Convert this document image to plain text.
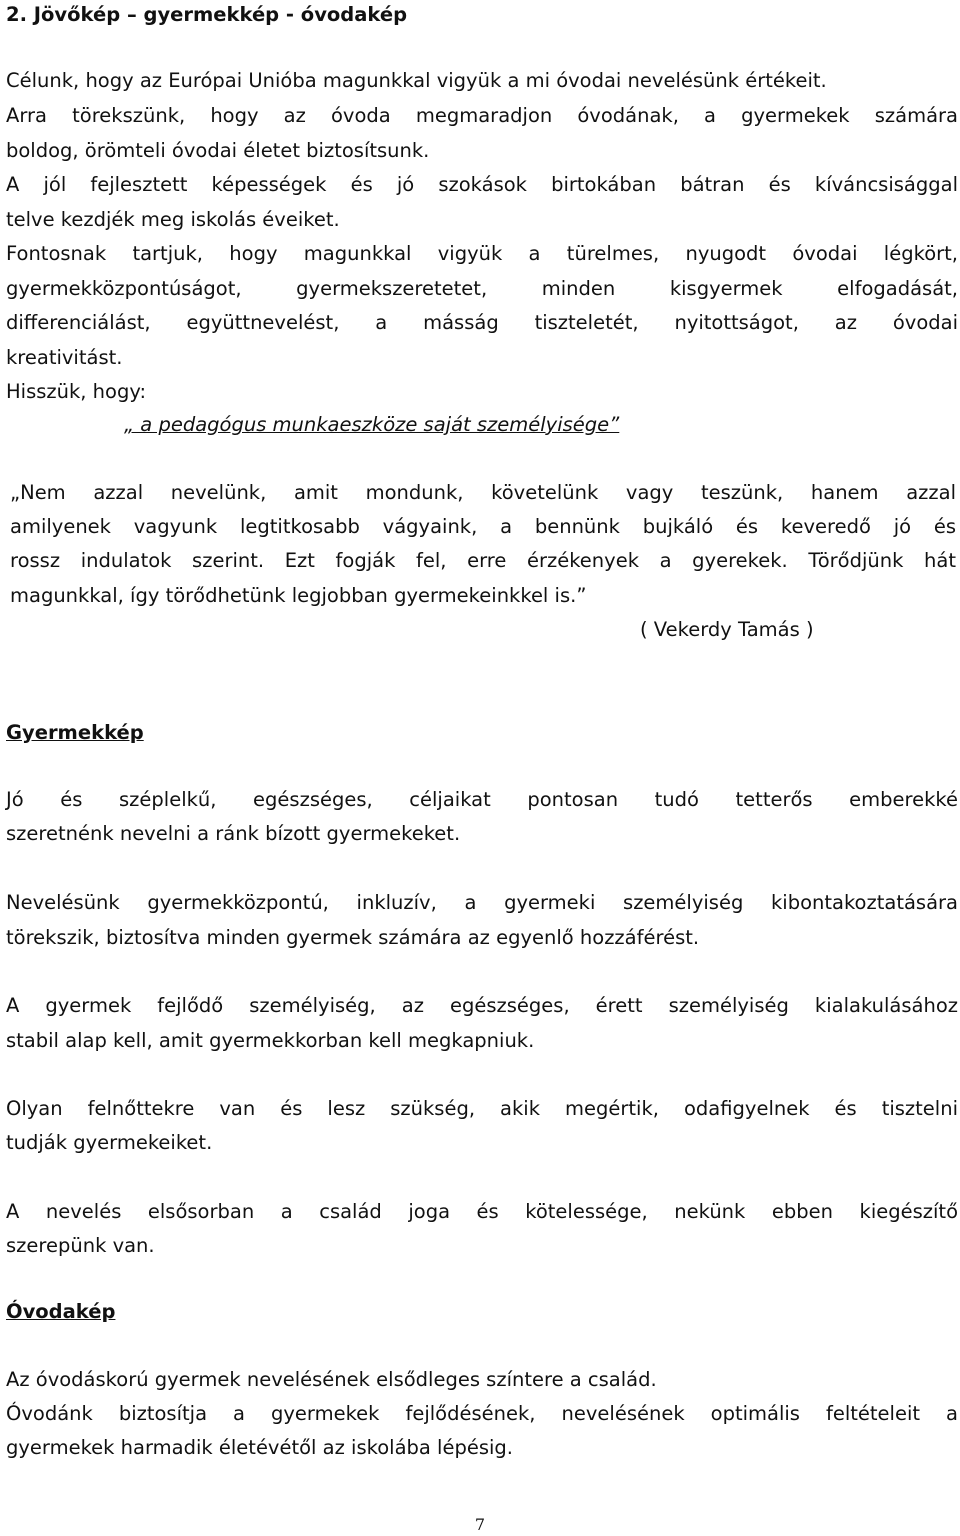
2. Jövőkép – gyermekkép - óvodakép
Célunk, hogy az Európai Unióba magunkkal vigyük a mi óvodai nevelésünk értékeit.
Arra törekszünk, hogy az óvoda megmaradjon óvodának, a gyermekek számára
boldog, örömteli óvodai életet biztosítsunk.
A jól fejlesztett képességek és jó szokások birtokában bátran és kíváncsisággal
telve kezdjék meg iskolás éveiket.
Fontosnak tartjuk, hogy magunkkal vigyük a türelmes, nyugodt óvodai légkört,
gyermekközpontúságot, gyermekszeretetet, minden kisgyermek elfogadását,
differenciálást, együttnevelést, a másság tiszteletét, nyitottságot, az óvodai
kreativitást.
Hisszük, hogy:
„ a pedagógus munkaeszköze saját személyisége”
„Nem azzal nevelünk, amit mondunk, követelünk vagy teszünk, hanem azzal
amilyenek vagyunk legtitkosabb vágyaink, a bennünk bujkáló és keveredő jó és
rossz indulatok szerint. Ezt fogják fel, erre érzékenyek a gyerekek. Törődjünk hát
magunkkal, így törődhetünk legjobban gyermekeinkkel is.”
( Vekerdy Tamás )
Gyermekkép
Jó és széplelkű, egészséges, céljaikat pontosan tudó tetterős emberekké
szeretnénk nevelni a ránk bízott gyermekeket.
Nevelésünk gyermekközpontú, inkluzív, a gyermeki személyiség kibontakoztatására
törekszik, biztosítva minden gyermek számára az egyenlő hozzáférést.
A gyermek fejlődő személyiség, az egészséges, érett személyiség kialakulásához
stabil alap kell, amit gyermekkorban kell megkapniuk.
Olyan felnőttekre van és lesz szükség, akik megértik, odafigyelnek és tisztelni
tudják gyermekeiket.
A nevelés elsősorban a család joga és kötelessége, nekünk ebben kiegészítő
szerepünk van.
Óvodakép
Az óvodáskorú gyermek nevelésének elsődleges színtere a család.
Óvodánk biztosítja a gyermekek fejlődésének, nevelésének optimális feltételeit a
gyermekek harmadik életévétől az iskolába lépésig.
7
